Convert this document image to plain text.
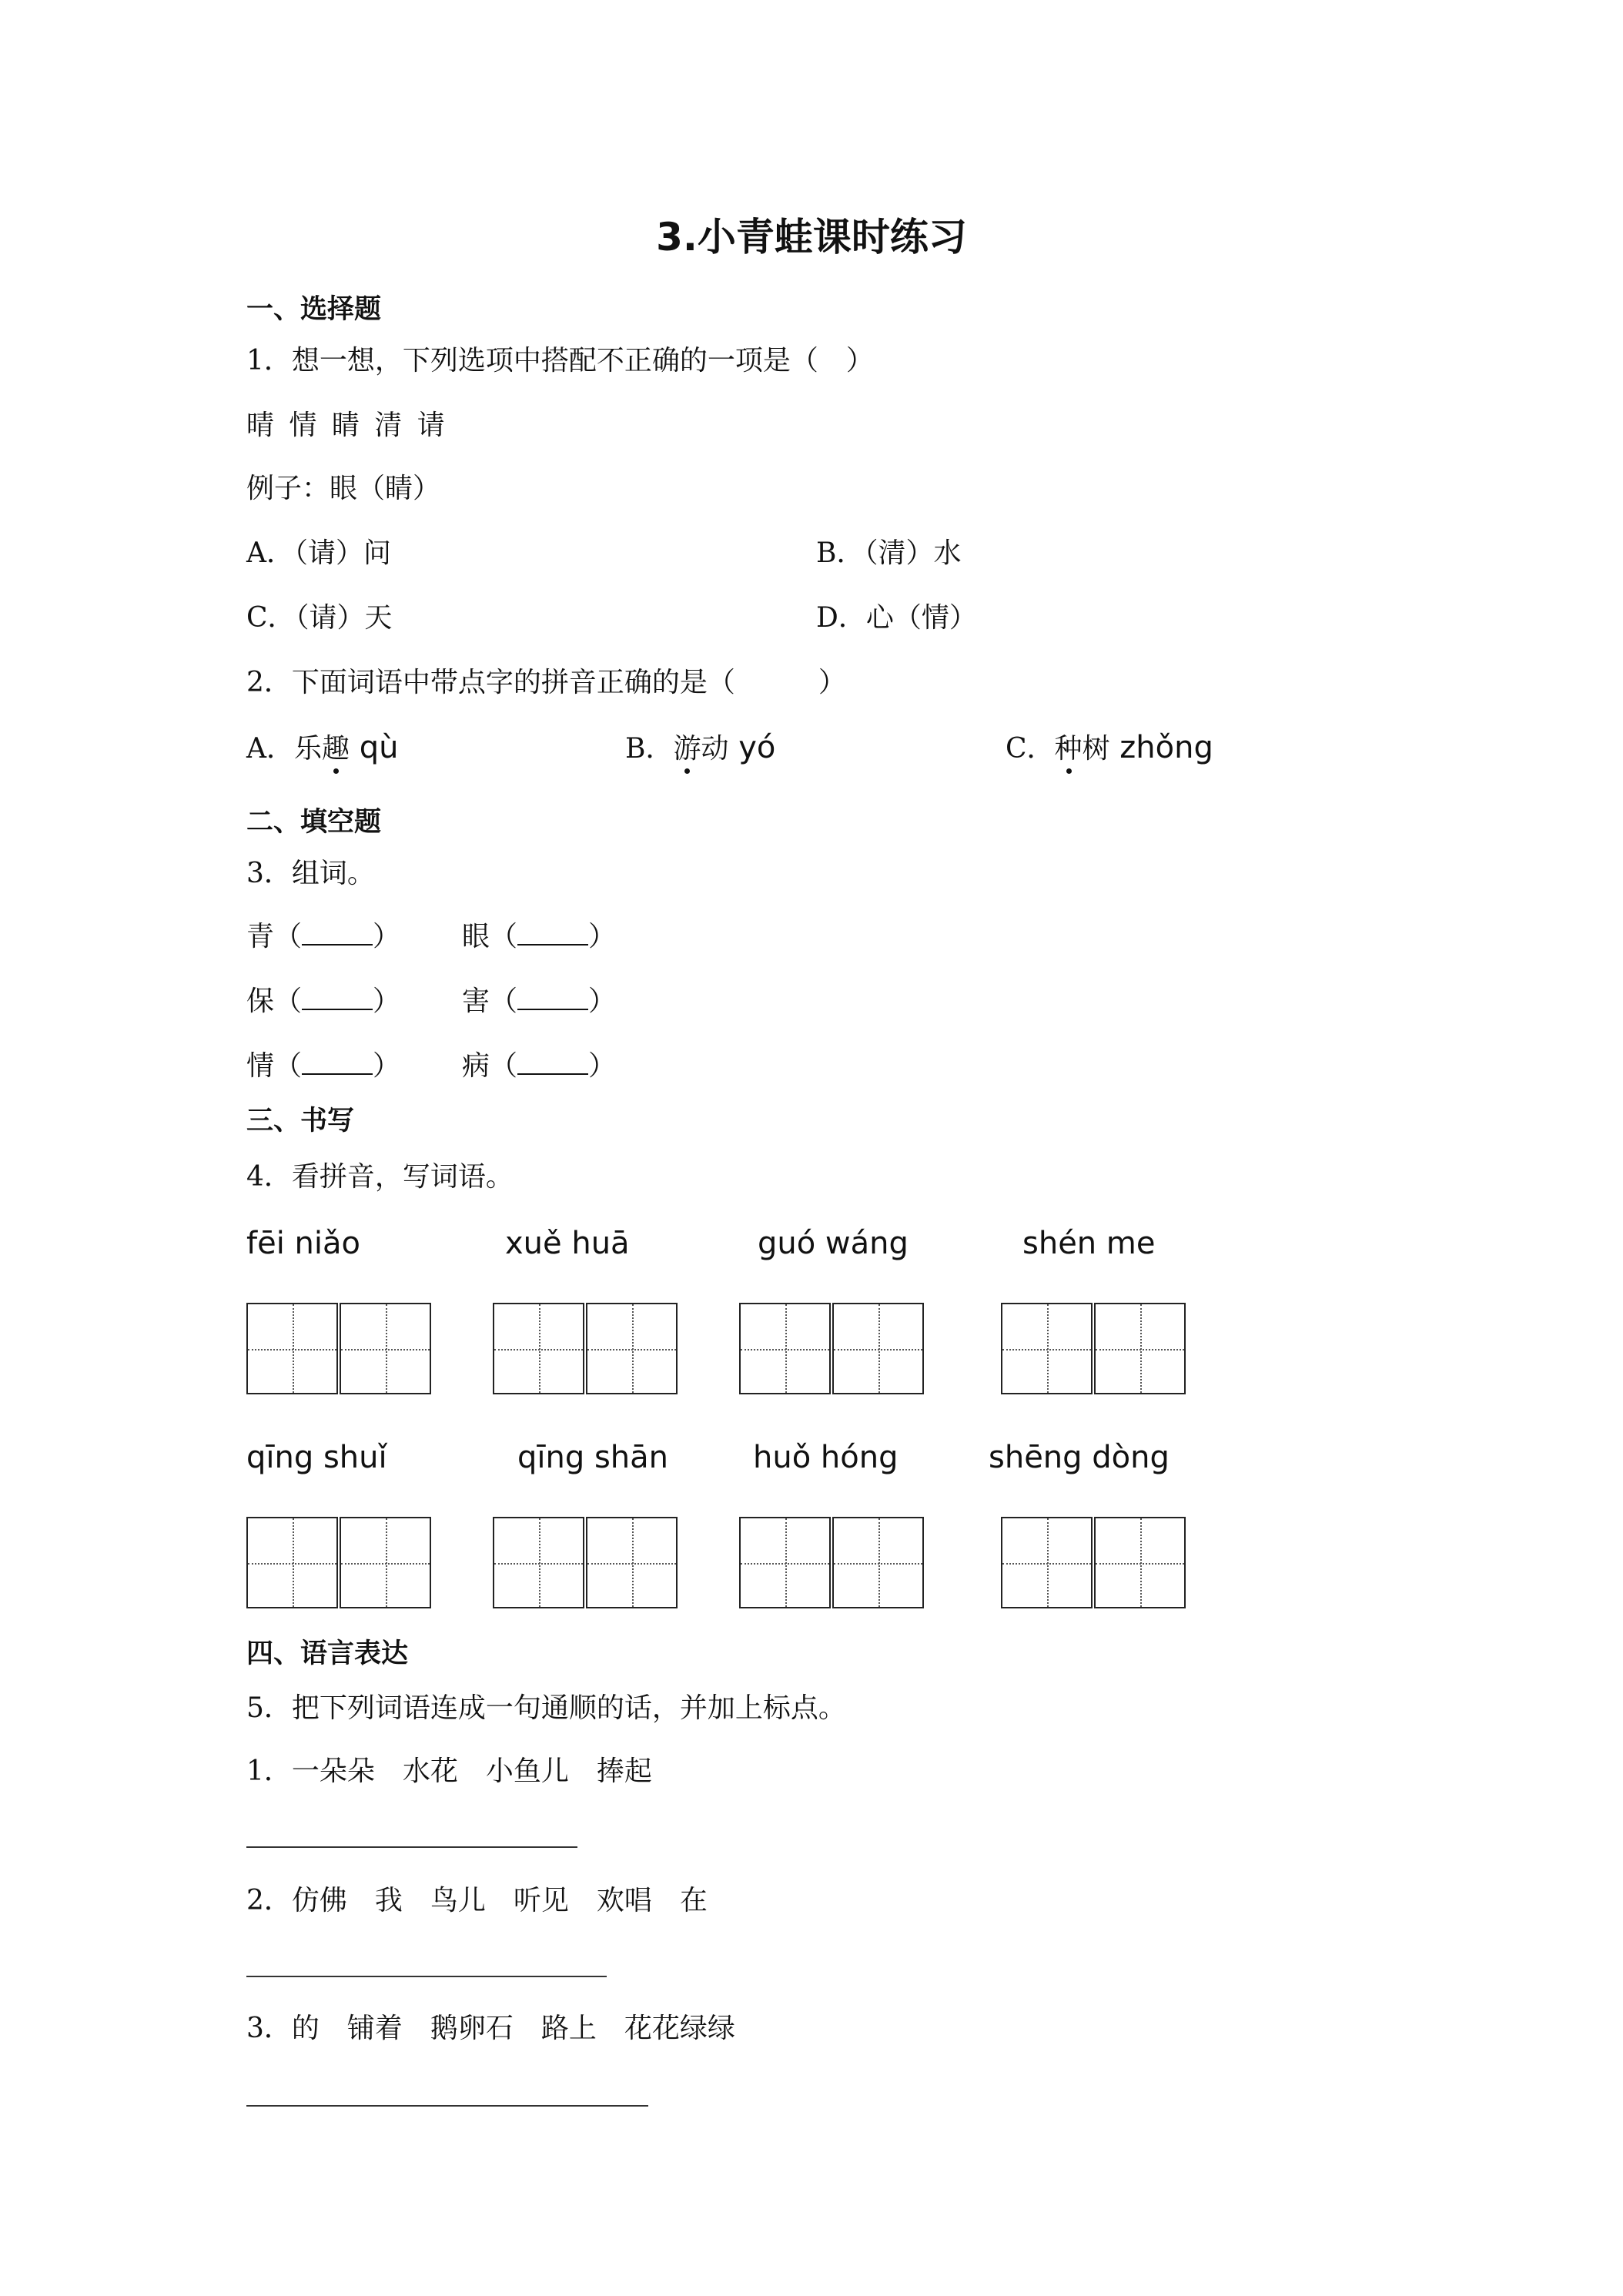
3.小青蛙课时练习
一、选择题
1．想一想，下列选项中搭配不正确的一项是（　）
晴 情 睛 清 请
例子：眼（睛）
A．（请）问	B．（清）水
C．（请）天	D．心（情）
2．下面词语中带点字的拼音正确的是（　　　）
A．乐趣 qù	B．游动 yó	C．种树 zhǒng
二、填空题
3．组词。
青（	） 眼（	）
保（	） 害（	）
情（	） 病（	）
三、书写
4．看拼音，写词语。
fēi niǎo	xuě huā	guó wáng	shén me
qīng shuǐ	qīng shān	huǒ hóng	shēng dòng
四、语言表达
5．把下列词语连成一句通顺的话，并加上标点。
1．一朵朵　水花　小鱼儿　捧起
2．仿佛　我　鸟儿　听见　欢唱　在
3．的　铺着　鹅卵石　路上　花花绿绿
